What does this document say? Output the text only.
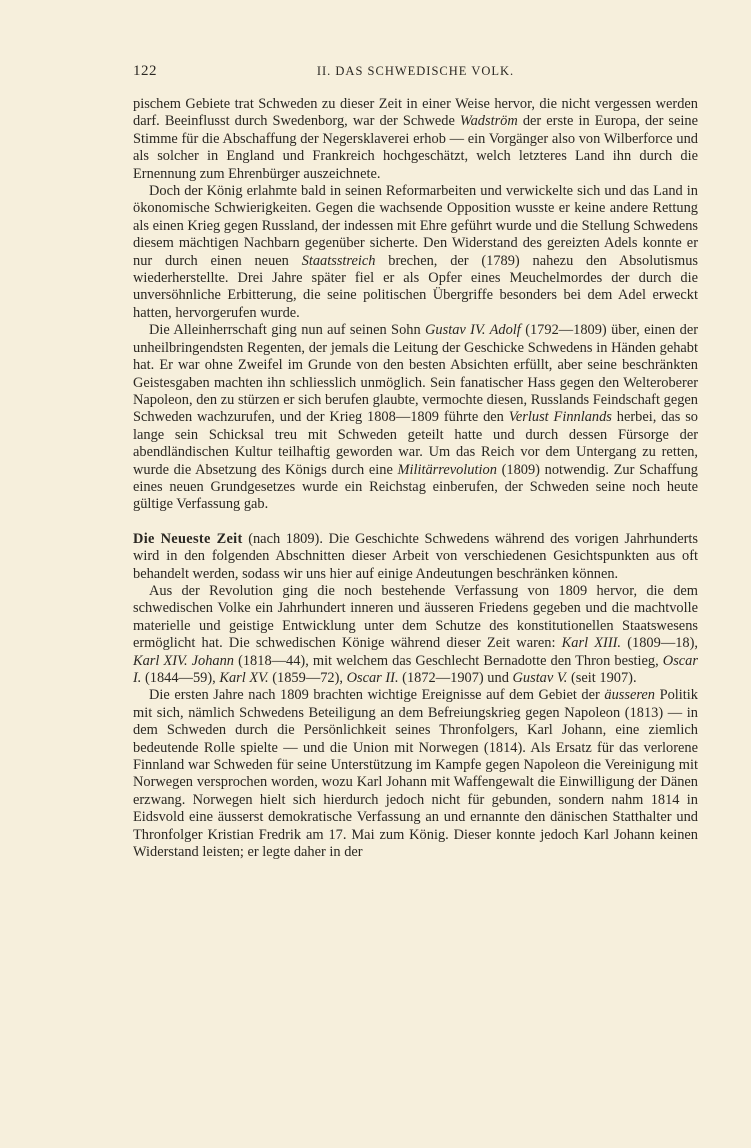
122	II. DAS SCHWEDISCHE VOLK.

pischem Gebiete trat Schweden zu dieser Zeit in einer Weise hervor, die nicht vergessen werden darf. Beeinflusst durch Swedenborg, war der Schwede Wadström der erste in Europa, der seine Stimme für die Abschaffung der Negersklaverei erhob — ein Vorgänger also von Wilberforce und als solcher in England und Frankreich hochgeschätzt, welch letzteres Land ihn durch die Ernennung zum Ehrenbürger auszeichnete.

Doch der König erlahmte bald in seinen Reformarbeiten und verwickelte sich und das Land in ökonomische Schwierigkeiten. Gegen die wachsende Opposition wusste er keine andere Rettung als einen Krieg gegen Russland, der indessen mit Ehre geführt wurde und die Stellung Schwedens diesem mächtigen Nachbarn gegenüber sicherte. Den Widerstand des gereizten Adels konnte er nur durch einen neuen Staatsstreich brechen, der (1789) nahezu den Absolutismus wiederherstellte. Drei Jahre später fiel er als Opfer eines Meuchelmordes der durch die unversöhnliche Erbitterung, die seine politischen Übergriffe besonders bei dem Adel erweckt hatten, hervorgerufen wurde.

Die Alleinherrschaft ging nun auf seinen Sohn Gustav IV. Adolf (1792—1809) über, einen der unheilbringendsten Regenten, der jemals die Leitung der Geschicke Schwedens in Händen gehabt hat. Er war ohne Zweifel im Grunde von den besten Absichten erfüllt, aber seine beschränkten Geistesgaben machten ihn schliesslich unmöglich. Sein fanatischer Hass gegen den Welteroberer Napoleon, den zu stürzen er sich berufen glaubte, vermochte diesen, Russlands Feindschaft gegen Schweden wachzurufen, und der Krieg 1808—1809 führte den Verlust Finnlands herbei, das so lange sein Schicksal treu mit Schweden geteilt hatte und durch dessen Fürsorge der abendländischen Kultur teilhaftig geworden war. Um das Reich vor dem Untergang zu retten, wurde die Absetzung des Königs durch eine Militärrevolution (1809) notwendig. Zur Schaffung eines neuen Grundgesetzes wurde ein Reichstag einberufen, der Schweden seine noch heute gültige Verfassung gab.

Die Neueste Zeit (nach 1809). Die Geschichte Schwedens während des vorigen Jahrhunderts wird in den folgenden Abschnitten dieser Arbeit von verschiedenen Gesichtspunkten aus oft behandelt werden, sodass wir uns hier auf einige Andeutungen beschränken können.

Aus der Revolution ging die noch bestehende Verfassung von 1809 hervor, die dem schwedischen Volke ein Jahrhundert inneren und äusseren Friedens gegeben und die machtvolle materielle und geistige Entwicklung unter dem Schutze des konstitutionellen Staatswesens ermöglicht hat. Die schwedischen Könige während dieser Zeit waren: Karl XIII. (1809—18), Karl XIV. Johann (1818—44), mit welchem das Geschlecht Bernadotte den Thron bestieg, Oscar I. (1844—59), Karl XV. (1859—72), Oscar II. (1872—1907) und Gustav V. (seit 1907).

Die ersten Jahre nach 1809 brachten wichtige Ereignisse auf dem Gebiet der äusseren Politik mit sich, nämlich Schwedens Beteiligung an dem Befreiungskrieg gegen Napoleon (1813) — in dem Schweden durch die Persönlichkeit seines Thronfolgers, Karl Johann, eine ziemlich bedeutende Rolle spielte — und die Union mit Norwegen (1814). Als Ersatz für das verlorene Finnland war Schweden für seine Unterstützung im Kampfe gegen Napoleon die Vereinigung mit Norwegen versprochen worden, wozu Karl Johann mit Waffengewalt die Einwilligung der Dänen erzwang. Norwegen hielt sich hierdurch jedoch nicht für gebunden, sondern nahm 1814 in Eidsvold eine äusserst demokratische Verfassung an und ernannte den dänischen Statthalter und Thronfolger Kristian Fredrik am 17. Mai zum König. Dieser konnte jedoch Karl Johann keinen Widerstand leisten; er legte daher in der
